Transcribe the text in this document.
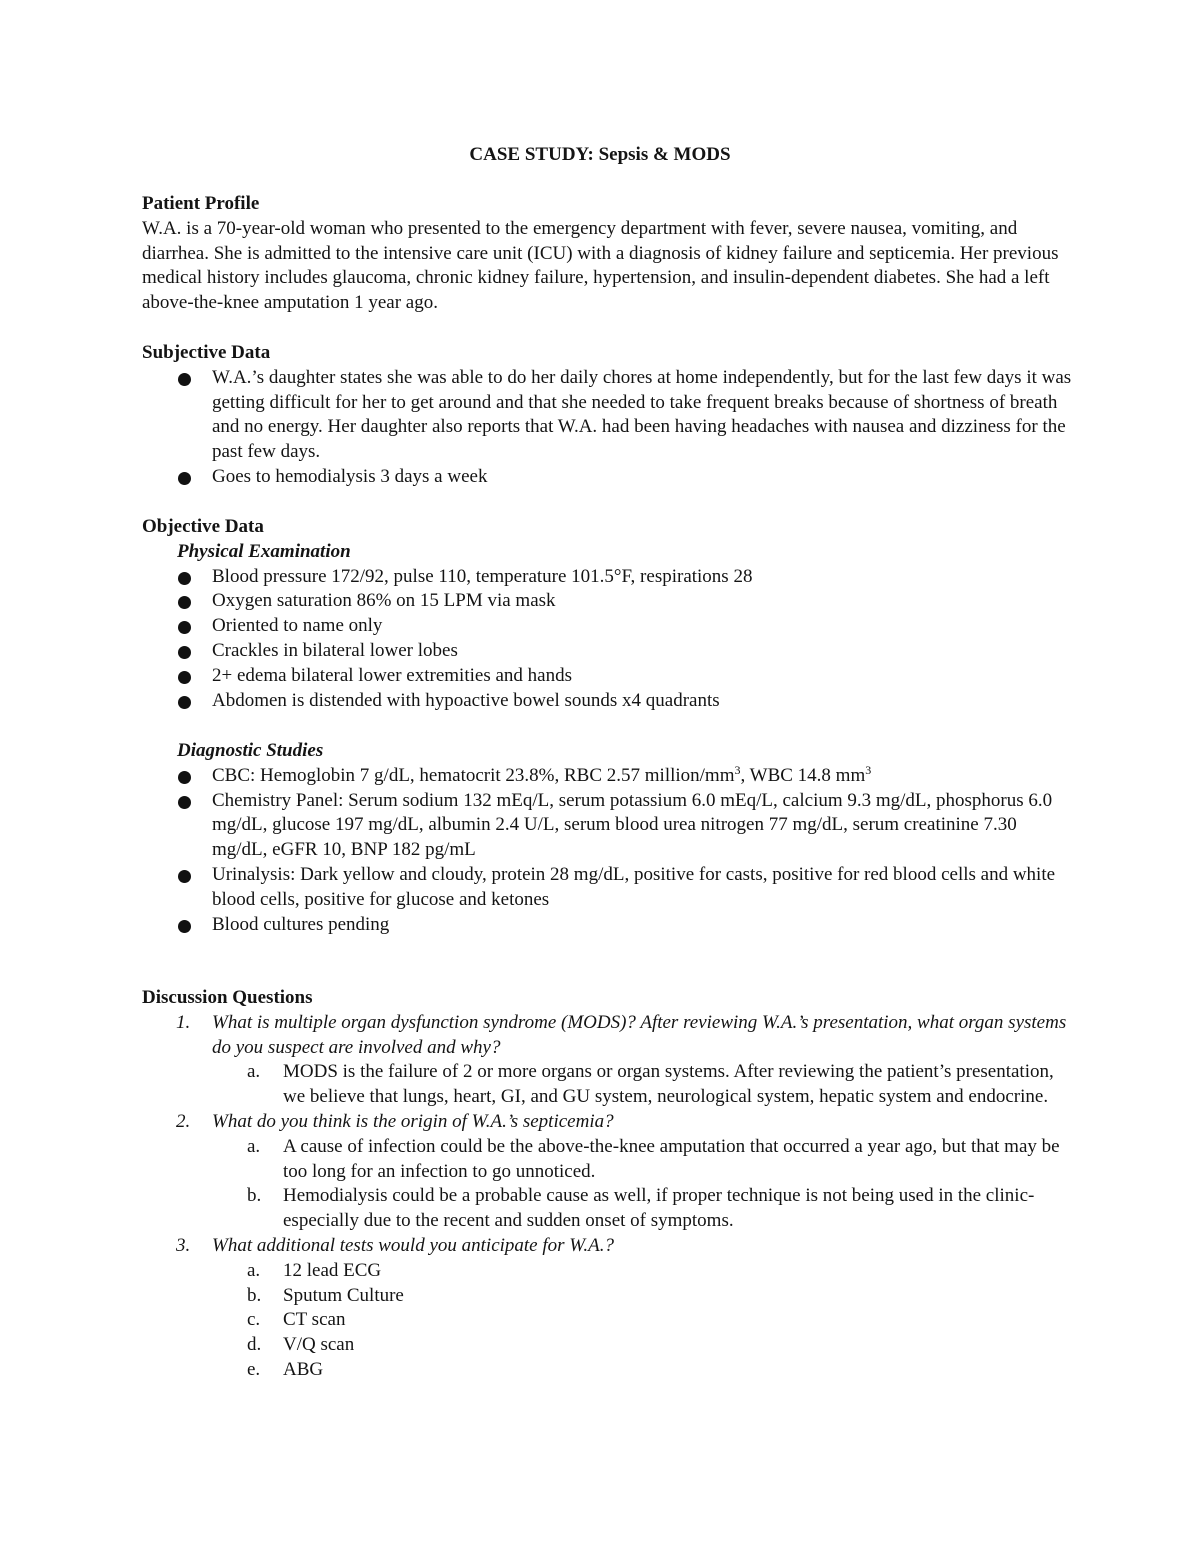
CASE STUDY: Sepsis & MODS
Patient Profile
W.A. is a 70-year-old woman who presented to the emergency department with fever, severe nausea, vomiting, and diarrhea. She is admitted to the intensive care unit (ICU) with a diagnosis of kidney failure and septicemia. Her previous medical history includes glaucoma, chronic kidney failure, hypertension, and insulin-dependent diabetes. She had a left above-the-knee amputation 1 year ago.
Subjective Data
W.A.’s daughter states she was able to do her daily chores at home independently, but for the last few days it was getting difficult for her to get around and that she needed to take frequent breaks because of shortness of breath and no energy. Her daughter also reports that W.A. had been having headaches with nausea and dizziness for the past few days.
Goes to hemodialysis 3 days a week
Objective Data
Physical Examination
Blood pressure 172/92, pulse 110, temperature 101.5°F, respirations 28
Oxygen saturation 86% on 15 LPM via mask
Oriented to name only
Crackles in bilateral lower lobes
2+ edema bilateral lower extremities and hands
Abdomen is distended with hypoactive bowel sounds x4 quadrants
Diagnostic Studies
CBC: Hemoglobin 7 g/dL, hematocrit 23.8%, RBC 2.57 million/$mm^3$, WBC 14.8 $mm^3$
Chemistry Panel: Serum sodium 132 mEq/L, serum potassium 6.0 mEq/L, calcium 9.3 mg/dL, phosphorus 6.0 mg/dL, glucose 197 mg/dL, albumin 2.4 U/L, serum blood urea nitrogen 77 mg/dL, serum creatinine 7.30 mg/dL, eGFR 10, BNP 182 pg/mL
Urinalysis: Dark yellow and cloudy, protein 28 mg/dL, positive for casts, positive for red blood cells and white blood cells, positive for glucose and ketones
Blood cultures pending
Discussion Questions
1. What is multiple organ dysfunction syndrome (MODS)? After reviewing W.A.’s presentation, what organ systems do you suspect are involved and why?
a. MODS is the failure of 2 or more organs or organ systems. After reviewing the patient’s presentation, we believe that lungs, heart, GI, and GU system, neurological system, hepatic system and endocrine.
2. What do you think is the origin of W.A.’s septicemia?
a. A cause of infection could be the above-the-knee amputation that occurred a year ago, but that may be too long for an infection to go unnoticed.
b. Hemodialysis could be a probable cause as well, if proper technique is not being used in the clinic- especially due to the recent and sudden onset of symptoms.
3. What additional tests would you anticipate for W.A.?
a. 12 lead ECG
b. Sputum Culture
c. CT scan
d. V/Q scan
e. ABG
